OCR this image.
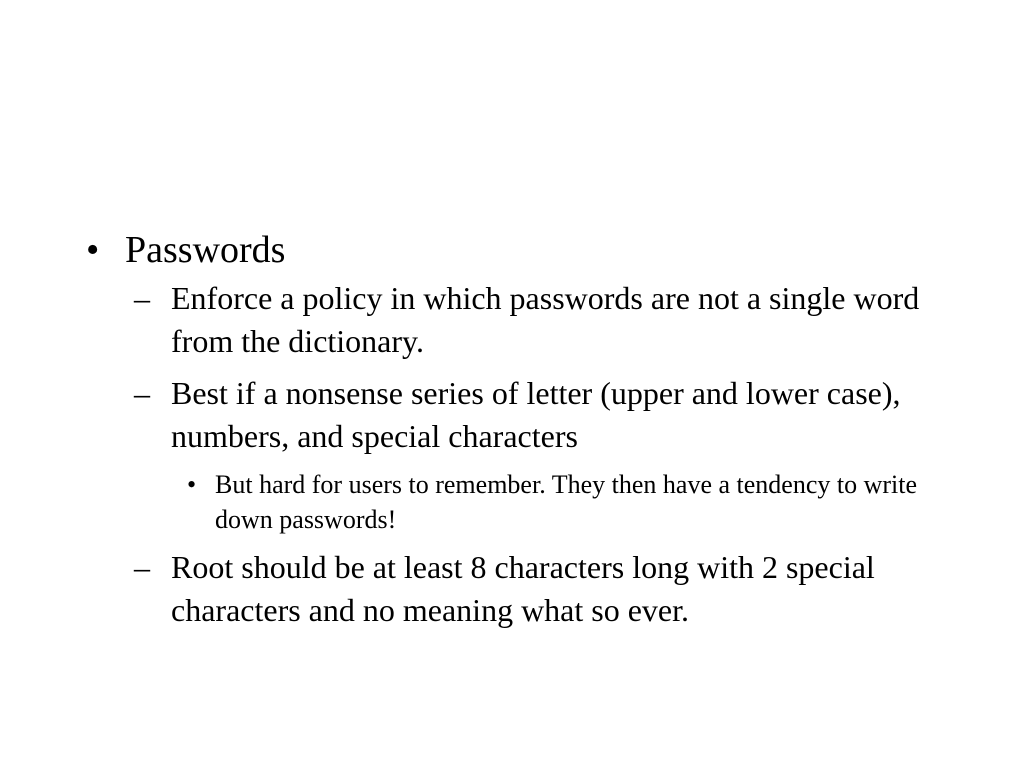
• Passwords
– Enforce a policy in which passwords are not a single word from the dictionary.
– Best if a nonsense series of letter (upper and lower case), numbers, and special characters
• But hard for users to remember. They then have a tendency to write down passwords!
– Root should be at least 8 characters long with 2 special characters and no meaning what so ever.
